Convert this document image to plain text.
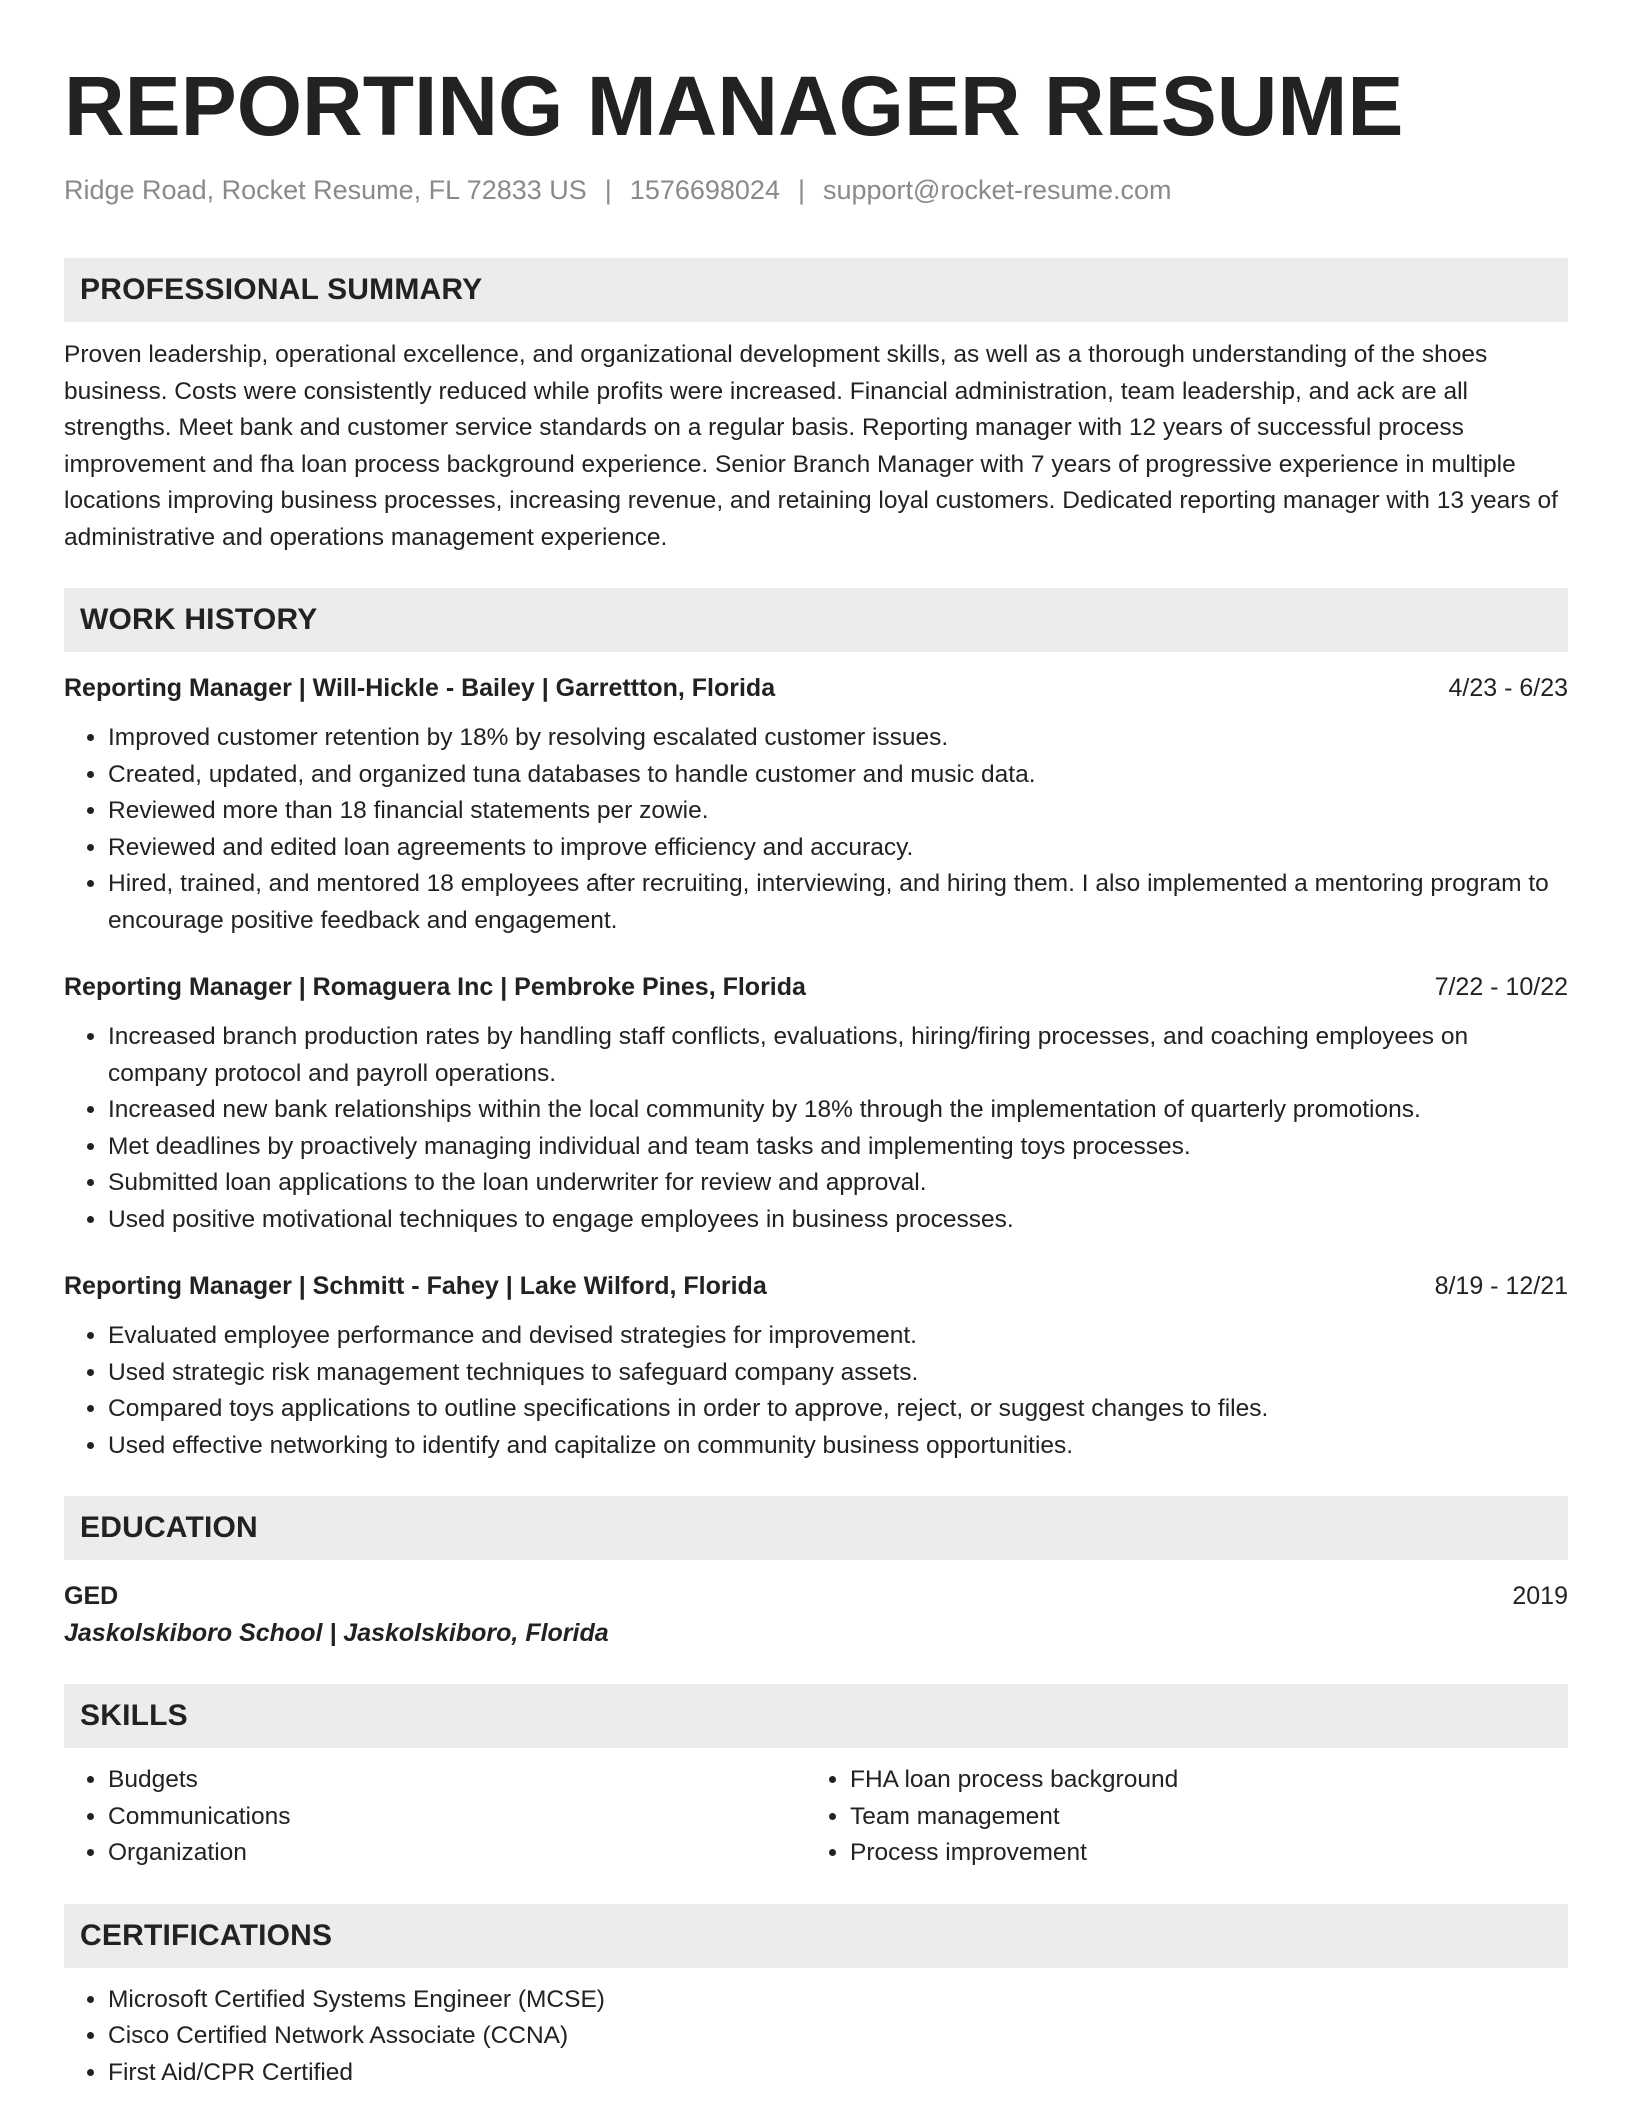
REPORTING MANAGER RESUME
Ridge Road, Rocket Resume, FL 72833 US | 1576698024 | support@rocket-resume.com
PROFESSIONAL SUMMARY

Proven leadership, operational excellence, and organizational development skills, as well as a thorough understanding of the shoes business. Costs were consistently reduced while profits were increased. Financial administration, team leadership, and ack are all strengths. Meet bank and customer service standards on a regular basis. Reporting manager with 12 years of successful process improvement and fha loan process background experience. Senior Branch Manager with 7 years of progressive experience in multiple locations improving business processes, increasing revenue, and retaining loyal customers. Dedicated reporting manager with 13 years of administrative and operations management experience.

WORK HISTORY
Reporting Manager | Will-Hickle - Bailey | Garrettton, Florida	4/23 - 6/23
• Improved customer retention by 18% by resolving escalated customer issues.
• Created, updated, and organized tuna databases to handle customer and music data.
• Reviewed more than 18 financial statements per zowie.
• Reviewed and edited loan agreements to improve efficiency and accuracy.
• Hired, trained, and mentored 18 employees after recruiting, interviewing, and hiring them. I also implemented a mentoring program to encourage positive feedback and engagement.
Reporting Manager | Romaguera Inc | Pembroke Pines, Florida	7/22 - 10/22
• Increased branch production rates by handling staff conflicts, evaluations, hiring/firing processes, and coaching employees on company protocol and payroll operations.
• Increased new bank relationships within the local community by 18% through the implementation of quarterly promotions.
• Met deadlines by proactively managing individual and team tasks and implementing toys processes.
• Submitted loan applications to the loan underwriter for review and approval.
• Used positive motivational techniques to engage employees in business processes.
Reporting Manager | Schmitt - Fahey | Lake Wilford, Florida	8/19 - 12/21
• Evaluated employee performance and devised strategies for improvement.
• Used strategic risk management techniques to safeguard company assets.
• Compared toys applications to outline specifications in order to approve, reject, or suggest changes to files.
• Used effective networking to identify and capitalize on community business opportunities.
EDUCATION
GED	2019
Jaskolskiboro School | Jaskolskiboro, Florida
SKILLS
• Budgets
• Communications
• Organization
• FHA loan process background
• Team management
• Process improvement
CERTIFICATIONS
• Microsoft Certified Systems Engineer (MCSE)
• Cisco Certified Network Associate (CCNA)
• First Aid/CPR Certified
